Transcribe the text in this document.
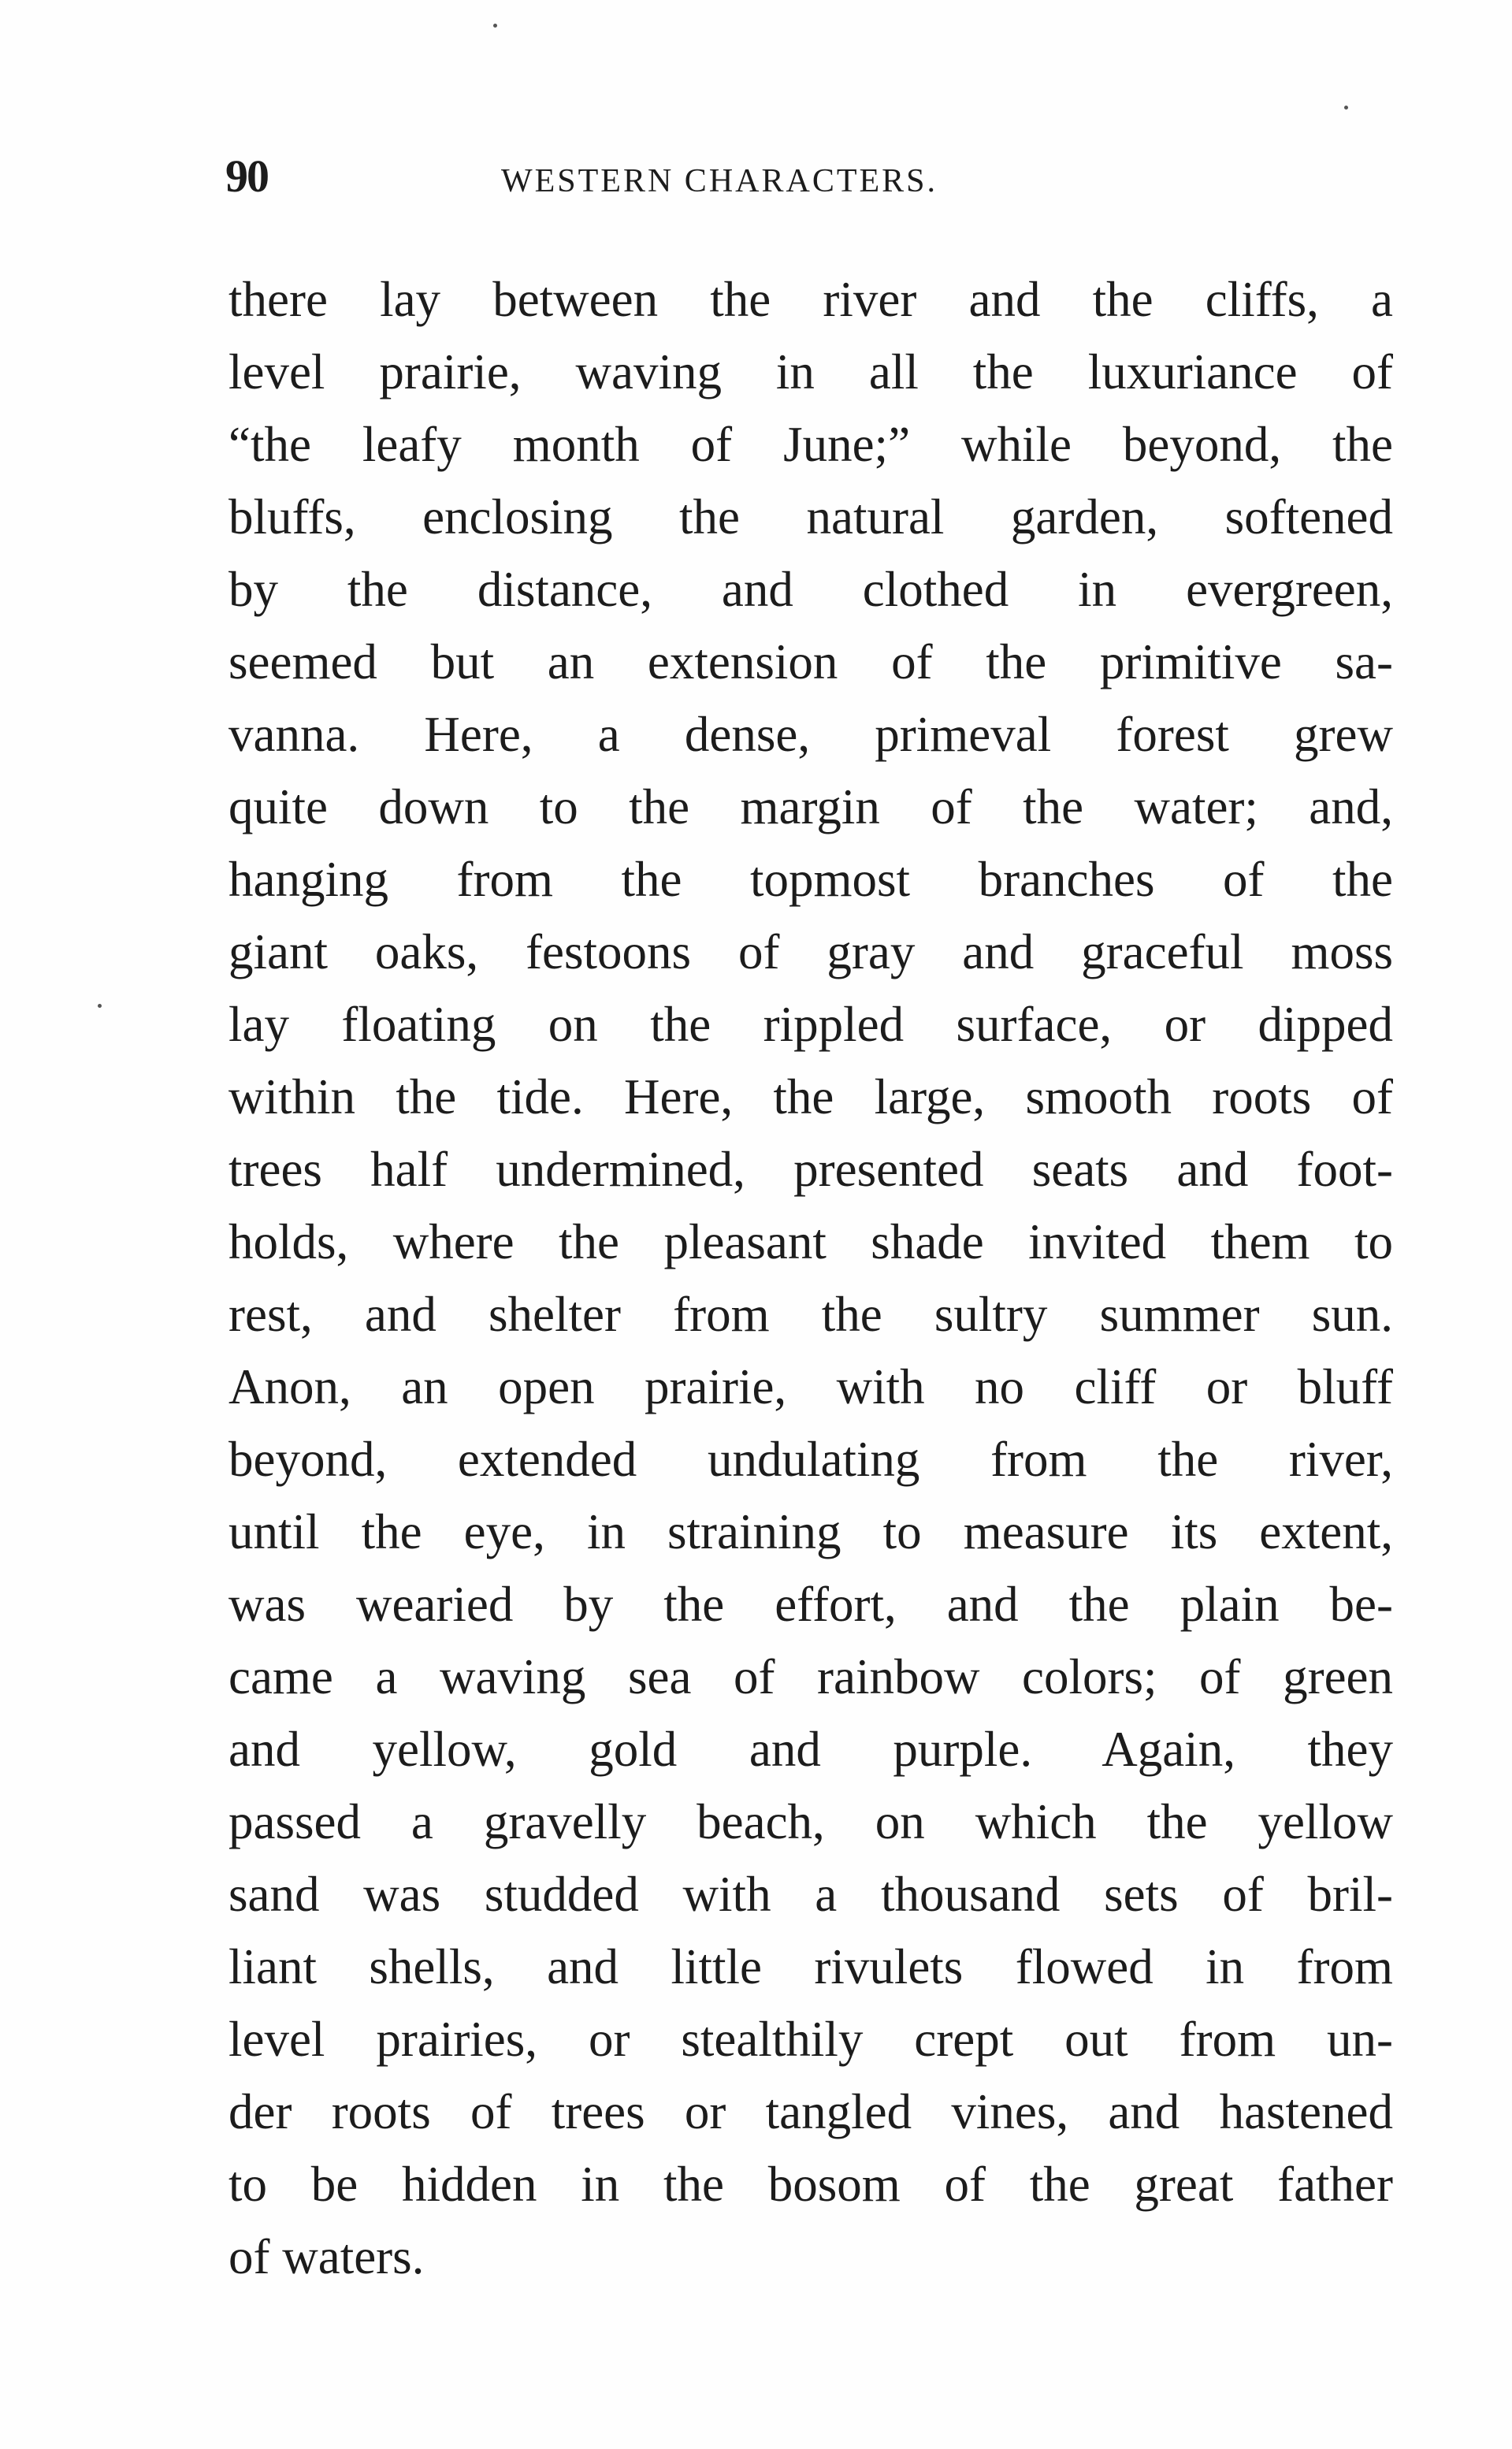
90	WESTERN CHARACTERS.
there lay between the river and the cliffs, a
level prairie, waving in all the luxuriance of
“the leafy month of June;” while beyond, the
bluffs, enclosing the natural garden, softened
by the distance, and clothed in evergreen,
seemed but an extension of the primitive sa-
vanna. Here, a dense, primeval forest grew
quite down to the margin of the water; and,
hanging from the topmost branches of the
giant oaks, festoons of gray and graceful moss
lay floating on the rippled surface, or dipped
within the tide. Here, the large, smooth roots of
trees half undermined, presented seats and foot-
holds, where the pleasant shade invited them to
rest, and shelter from the sultry summer sun.
Anon, an open prairie, with no cliff or bluff
beyond, extended undulating from the river,
until the eye, in straining to measure its extent,
was wearied by the effort, and the plain be-
came a waving sea of rainbow colors; of green
and yellow, gold and purple. Again, they
passed a gravelly beach, on which the yellow
sand was studded with a thousand sets of bril-
liant shells, and little rivulets flowed in from
level prairies, or stealthily crept out from un-
der roots of trees or tangled vines, and hastened
to be hidden in the bosom of the great father
of waters.
